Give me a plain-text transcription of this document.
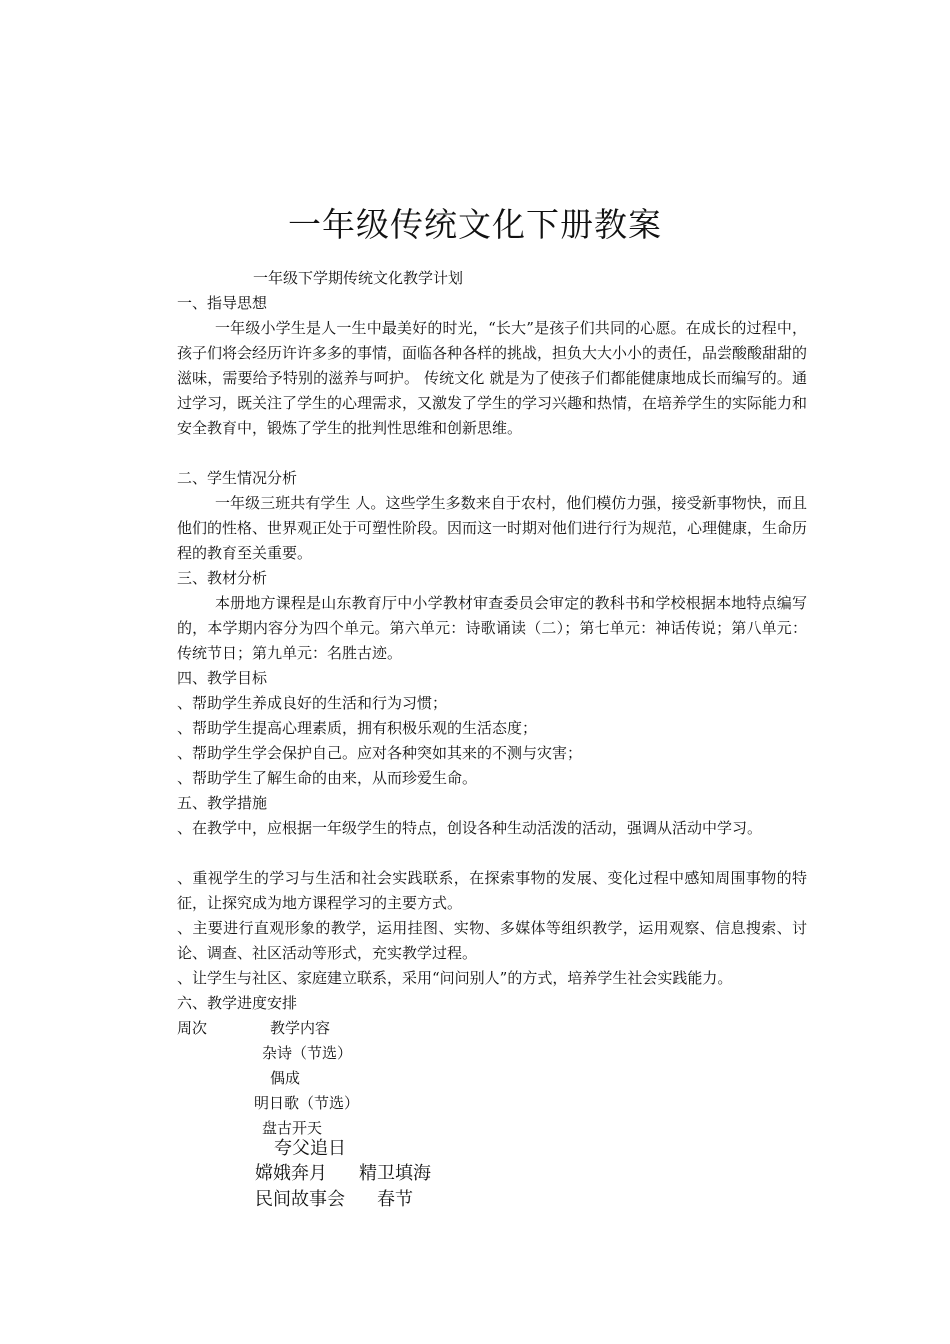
一年级传统文化下册教案
一年级下学期传统文化教学计划
一、指导思想
一年级小学生是人一生中最美好的时光，“长大”是孩子们共同的心愿。在成长的过程中，孩子们将会经历许许多多的事情，面临各种各样的挑战，担负大大小小的责任，品尝酸酸甜甜的滋味，需要给予特别的滋养与呵护。 传统文化 就是为了使孩子们都能健康地成长而编写的。通过学习，既关注了学生的心理需求，又激发了学生的学习兴趣和热情，在培养学生的实际能力和安全教育中，锻炼了学生的批判性思维和创新思维。
二、学生情况分析
一年级三班共有学生 人。这些学生多数来自于农村，他们模仿力强，接受新事物快，而且他们的性格、世界观正处于可塑性阶段。因而这一时期对他们进行行为规范，心理健康，生命历程的教育至关重要。
三、教材分析
本册地方课程是山东教育厅中小学教材审查委员会审定的教科书和学校根据本地特点编写的，本学期内容分为四个单元。第六单元：诗歌诵读（二）；第七单元：神话传说；第八单元：传统节日；第九单元：名胜古迹。
四、教学目标
、帮助学生养成良好的生活和行为习惯；
、帮助学生提高心理素质，拥有积极乐观的生活态度；
、帮助学生学会保护自己。应对各种突如其来的不测与灾害；
、帮助学生了解生命的由来，从而珍爱生命。
五、教学措施
、在教学中，应根据一年级学生的特点，创设各种生动活泼的活动，强调从活动中学习。
、重视学生的学习与生活和社会实践联系，在探索事物的发展、变化过程中感知周围事物的特征，让探究成为地方课程学习的主要方式。
、主要进行直观形象的教学，运用挂图、实物、多媒体等组织教学，运用观察、信息搜索、讨论、调查、社区活动等形式，充实教学过程。
、让学生与社区、家庭建立联系，采用“问问别人”的方式，培养学生社会实践能力。
六、教学进度安排
周次	教学内容
杂诗（节选）
偶成
明日歌（节选）
盘古开天
夸父追日
嫦娥奔月 精卫填海
民间故事会 春节
